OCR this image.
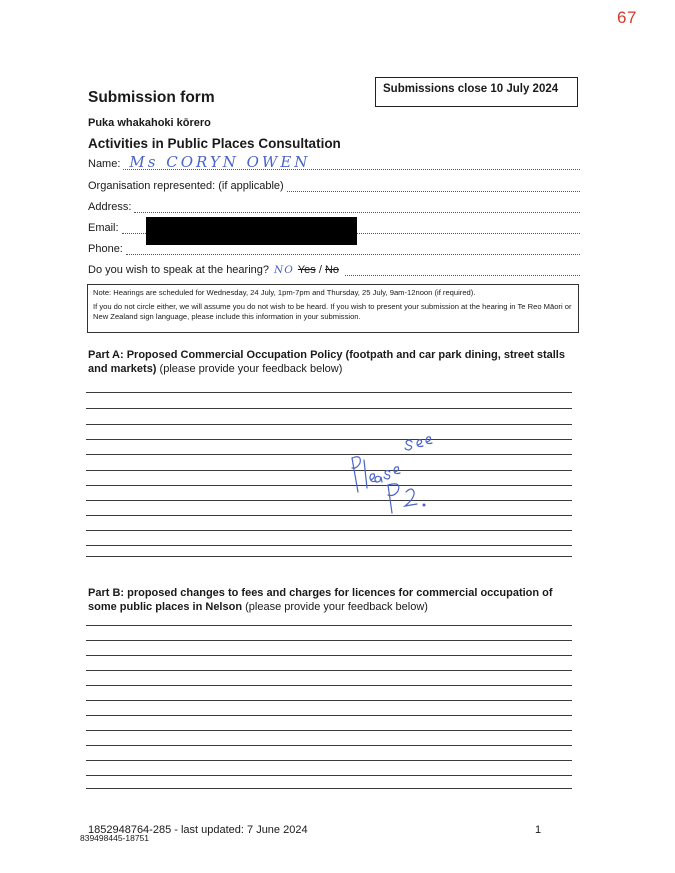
67
Submissions close 10 July 2024
Submission form
Puka whakahoki kōrero
Activities in Public Places Consultation
Name: Ms CORYN OWEN
Organisation represented: (if applicable)
Address:
Email:
Phone:
Do you wish to speak at the hearing? NO Yes / No

Note: Hearings are scheduled for Wednesday, 24 July, 1pm-7pm and Thursday, 25 July, 9am-12noon (if required).

If you do not circle either, we will assume you do not wish to be heard. If you wish to present your submission at the hearing in Te Reo Māori or New Zealand sign language, please include this information in your submission.

Part A: Proposed Commercial Occupation Policy (footpath and car park dining, street stalls and markets) (please provide your feedback below)
Part B: proposed changes to fees and charges for licences for commercial occupation of some public places in Nelson (please provide your feedback below)
1852948764-285 - last updated: 7 June 2024
839498445-18751
1
